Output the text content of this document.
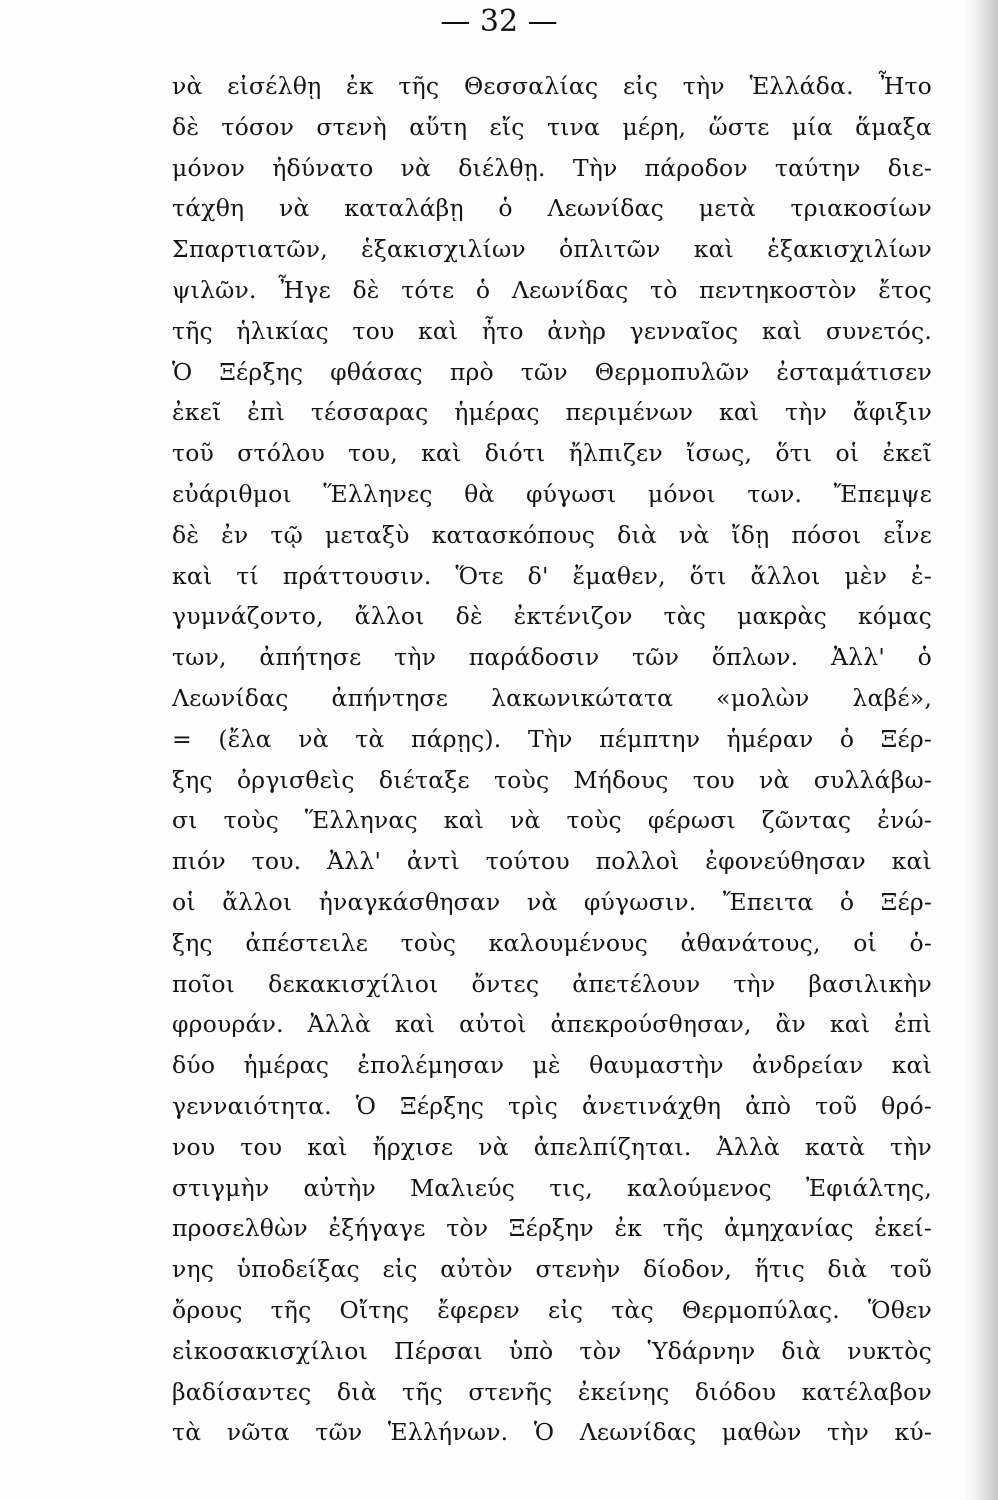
— 32 —
νὰ εἰσέλθῃ ἐκ τῆς Θεσσαλίας εἰς τὴν Ἑλλάδα. Ἦτο
δὲ τόσον στενὴ αὕτη εἴς τινα μέρη, ὥστε μία ἅμαξα
μόνον ἠδύνατο νὰ διέλθῃ. Τὴν πάροδον ταύτην διε-
τάχθη νὰ καταλάβῃ ὁ Λεωνίδας μετὰ τριακοσίων
Σπαρτιατῶν, ἑξακισχιλίων ὁπλιτῶν καὶ ἑξακισχιλίων
ψιλῶν. Ἦγε δὲ τότε ὁ Λεωνίδας τὸ πεντηκοστὸν ἔτος
τῆς ἡλικίας του καὶ ἦτο ἀνὴρ γενναῖος καὶ συνετός.
Ὁ Ξέρξης φθάσας πρὸ τῶν Θερμοπυλῶν ἐσταμάτισεν
ἐκεῖ ἐπὶ τέσσαρας ἡμέρας περιμένων καὶ τὴν ἄφιξιν
τοῦ στόλου του, καὶ διότι ἤλπιζεν ἴσως, ὅτι οἱ ἐκεῖ
εὐάριθμοι Ἕλληνες θὰ φύγωσι μόνοι των. Ἔπεμψε
δὲ ἐν τῷ μεταξὺ κατασκόπους διὰ νὰ ἴδῃ πόσοι εἶνε
καὶ τί πράττουσιν. Ὅτε δ' ἔμαθεν, ὅτι ἄλλοι μὲν ἐ-
γυμνάζοντο, ἄλλοι δὲ ἐκτένιζον τὰς μακρὰς κόμας
των, ἀπήτησε τὴν παράδοσιν τῶν ὅπλων. Ἀλλ' ὁ
Λεωνίδας ἀπήντησε λακωνικώτατα «μολὼν λαβέ»,
= (ἔλα νὰ τὰ πάρῃς). Τὴν πέμπτην ἡμέραν ὁ Ξέρ-
ξης ὀργισθεὶς διέταξε τοὺς Μήδους του νὰ συλλάβω-
σι τοὺς Ἕλληνας καὶ νὰ τοὺς φέρωσι ζῶντας ἐνώ-
πιόν του. Ἀλλ' ἀντὶ τούτου πολλοὶ ἐφονεύθησαν καὶ
οἱ ἄλλοι ἠναγκάσθησαν νὰ φύγωσιν. Ἔπειτα ὁ Ξέρ-
ξης ἀπέστειλε τοὺς καλουμένους ἀθανάτους, οἱ ὁ-
ποῖοι δεκακισχίλιοι ὄντες ἀπετέλουν τὴν βασιλικὴν
φρουράν. Ἀλλὰ καὶ αὐτοὶ ἀπεκρούσθησαν, ἂν καὶ ἐπὶ
δύο ἡμέρας ἐπολέμησαν μὲ θαυμαστὴν ἀνδρείαν καὶ
γενναιότητα. Ὁ Ξέρξης τρὶς ἀνετινάχθη ἀπὸ τοῦ θρό-
νου του καὶ ἤρχισε νὰ ἀπελπίζηται. Ἀλλὰ κατὰ τὴν
στιγμὴν αὐτὴν Μαλιεύς τις, καλούμενος Ἐφιάλτης,
προσελθὼν ἐξήγαγε τὸν Ξέρξην ἐκ τῆς ἀμηχανίας ἐκεί-
νης ὑποδείξας εἰς αὐτὸν στενὴν δίοδον, ἥτις διὰ τοῦ
ὄρους τῆς Οἴτης ἔφερεν εἰς τὰς Θερμοπύλας. Ὅθεν
εἰκοσακισχίλιοι Πέρσαι ὑπὸ τὸν Ὑδάρνην διὰ νυκτὸς
βαδίσαντες διὰ τῆς στενῆς ἐκείνης διόδου κατέλαβον
τὰ νῶτα τῶν Ἑλλήνων. Ὁ Λεωνίδας μαθὼν τὴν κύ-
